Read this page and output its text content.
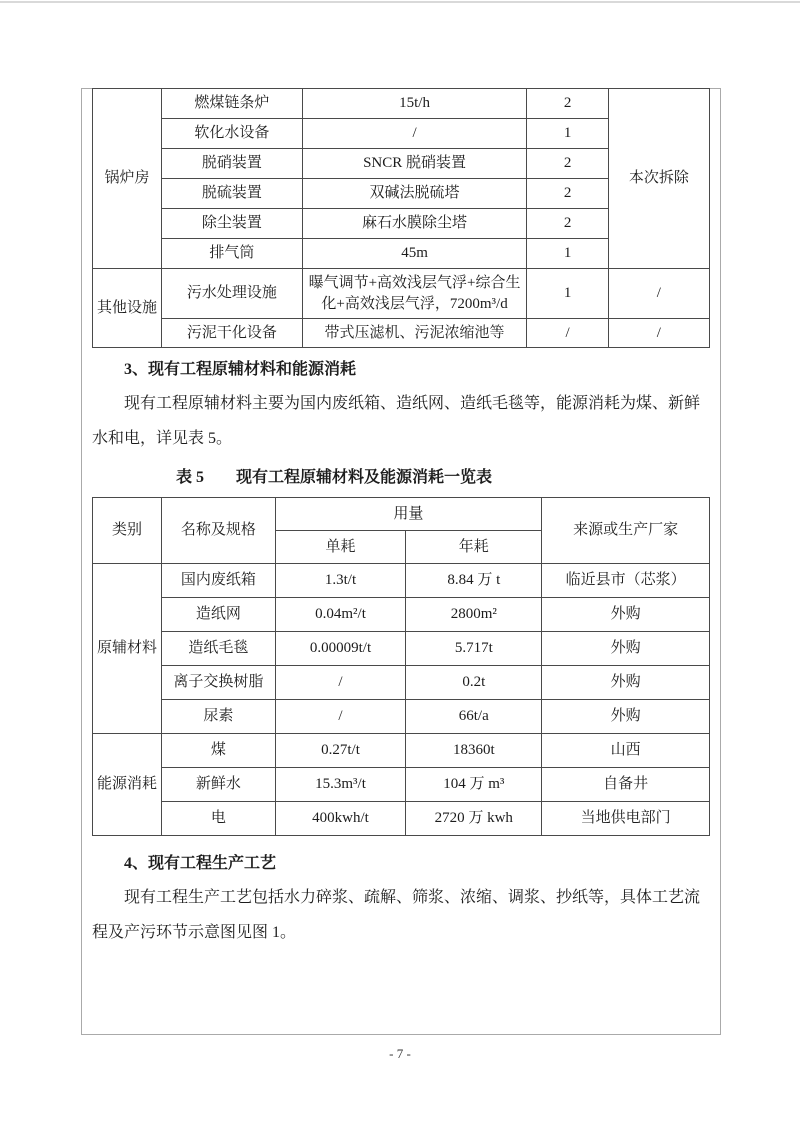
锅炉房	燃煤链条炉	15t/h	2	本次拆除
	软化水设备	/	1	
	脱硝装置	SNCR 脱硝装置	2	
	脱硫装置	双碱法脱硫塔	2	
	除尘装置	麻石水膜除尘塔	2	
	排气筒	45m	1	
其他设施	污水处理设施	曝气调节+高效浅层气浮+综合生化+高效浅层气浮，7200m³/d	1	/
	污泥干化设备	带式压滤机、污泥浓缩池等	/	/
3、现有工程原辅材料和能源消耗
现有工程原辅材料主要为国内废纸箱、造纸网、造纸毛毯等，能源消耗为煤、新鲜水和电，详见表 5。
表 5　　现有工程原辅材料及能源消耗一览表
类别	名称及规格	用量		来源或生产厂家
		单耗	年耗	
原辅材料	国内废纸箱	1.3t/t	8.84 万 t	临近县市（芯浆）
	造纸网	0.04m²/t	2800m²	外购
	造纸毛毯	0.00009t/t	5.717t	外购
	离子交换树脂	/	0.2t	外购
	尿素	/	66t/a	外购
能源消耗	煤	0.27t/t	18360t	山西
	新鲜水	15.3m³/t	104 万 m³	自备井
	电	400kwh/t	2720 万 kwh	当地供电部门
4、现有工程生产工艺
现有工程生产工艺包括水力碎浆、疏解、筛浆、浓缩、调浆、抄纸等，具体工艺流程及产污环节示意图见图 1。
- 7 -
